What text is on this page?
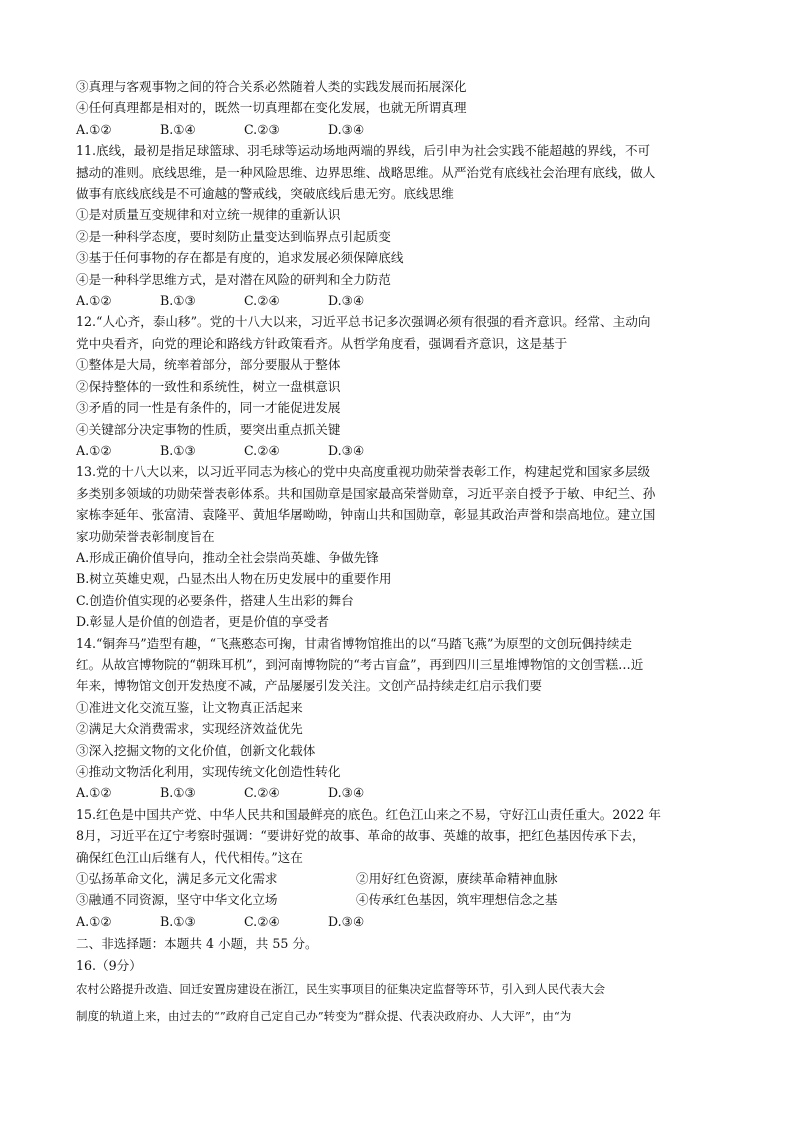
③真理与客观事物之间的符合关系必然随着人类的实践发展而拓展深化
④任何真理都是相对的，既然一切真理都在变化发展，也就无所谓真理
A.①②	B.①④	C.②③	D.③④
11.底线，最初是指足球篮球、羽毛球等运动场地两端的界线，后引申为社会实践不能超越的界线，不可
撼动的准则。底线思维，是一种风险思维、边界思维、战略思维。从严治党有底线社会治理有底线，做人
做事有底线底线是不可逾越的警戒线，突破底线后患无穷。底线思维
①是对质量互变规律和对立统一规律的重新认识
②是一种科学态度，要时刻防止量变达到临界点引起质变
③基于任何事物的存在都是有度的，追求发展必须保障底线
④是一种科学思维方式，是对潜在风险的研判和全力防范
A.①②	B.①③	C.②④	D.③④
12.“人心齐，泰山移”。党的十八大以来，习近平总书记多次强调必须有很强的看齐意识。经常、主动向
党中央看齐，向党的理论和路线方针政策看齐。从哲学角度看，强调看齐意识，这是基于
①整体是大局，统率着部分，部分要服从于整体
②保持整体的一致性和系统性，树立一盘棋意识
③矛盾的同一性是有条件的，同一才能促进发展
④关键部分决定事物的性质，要突出重点抓关键
A.①②	B.①③	C.②④	D.③④
13.党的十八大以来，以习近平同志为核心的党中央高度重视功勋荣誉表彰工作，构建起党和国家多层级
多类别多领域的功勋荣誉表彰体系。共和国勋章是国家最高荣誉勋章，习近平亲自授予于敏、申纪兰、孙
家栋李延年、张富清、袁隆平、黄旭华屠呦呦，钟南山共和国勋章，彰显其政治声誉和崇高地位。建立国
家功勋荣誉表彰制度旨在
A.形成正确价值导向，推动全社会崇尚英雄、争做先锋
B.树立英雄史观，凸显杰出人物在历史发展中的重要作用
C.创造价值实现的必要条件，搭建人生出彩的舞台
D.彰显人是价值的创造者，更是价值的享受者
14.“铜奔马”造型有趣，“飞燕憨态可掬，甘肃省博物馆推出的以“马踏飞燕”为原型的文创玩偶持续走
红。从故宫博物院的“朝珠耳机”，到河南博物院的“考古盲盒”，再到四川三星堆博物馆的文创雪糕…近
年来，博物馆文创开发热度不减，产品屡屡引发关注。文创产品持续走红启示我们要
①准进文化交流互鉴，让文物真正活起来
②满足大众消费需求，实现经济效益优先
③深入挖掘文物的文化价值，创新文化载体
④推动文物活化利用，实现传统文化创造性转化
A.①②	B.①③	C.②④	D.③④
15.红色是中国共产党、中华人民共和国最鲜亮的底色。红色江山来之不易，守好江山责任重大。2022 年
8月，习近平在辽宁考察时强调：“要讲好党的故事、革命的故事、英雄的故事，把红色基因传承下去，
确保红色江山后继有人，代代相传。”这在
①弘扬革命文化，满足多元文化需求	②用好红色资源，赓续革命精神血脉
③融通不同资源，坚守中华文化立场	④传承红色基因，筑牢理想信念之基
A.①②	B.①③	C.②④	D.③④
二、非选择题：本题共 4 小题，共 55 分。
16.（9分）
农村公路提升改造、回迁安置房建设在浙江，民生实事项目的征集决定监督等环节，引入到人民代表大会
制度的轨道上来，由过去的“”政府自己定自己办”转变为“群众提、代表决政府办、人大评”，由“为
